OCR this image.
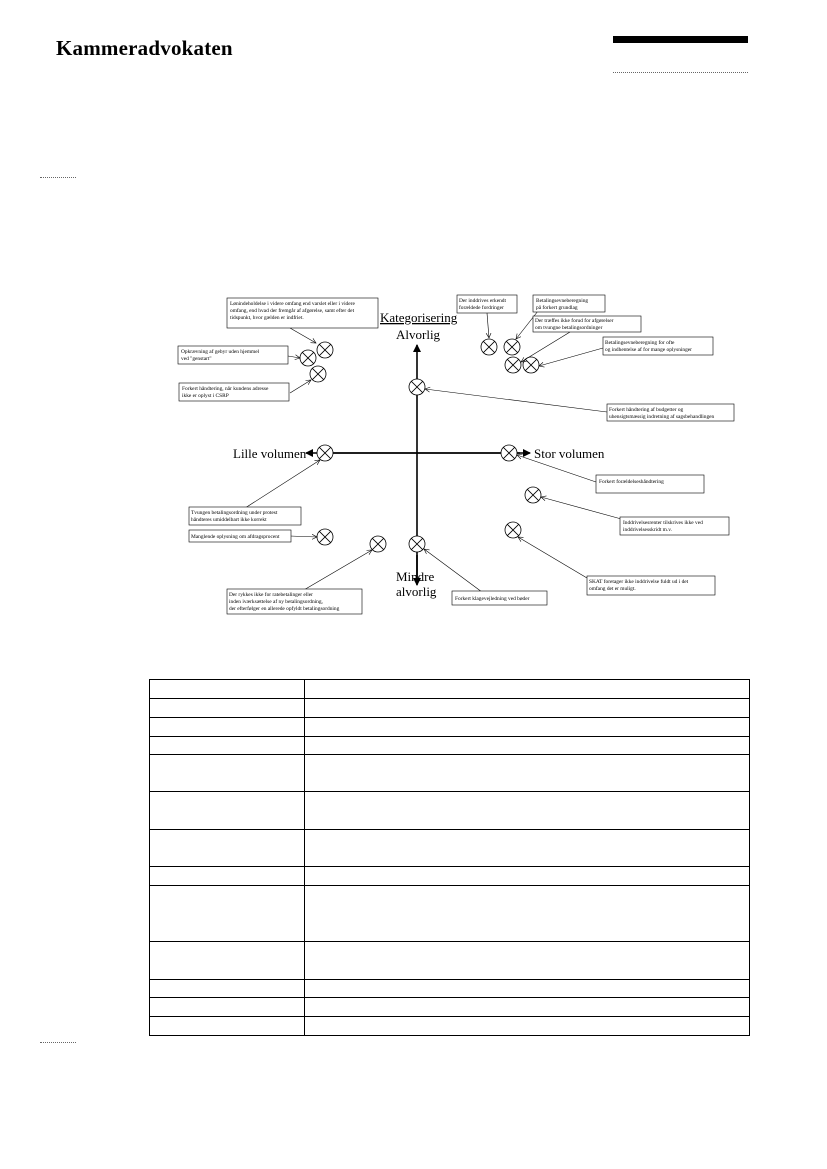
Kammeradvokaten
Kategorisering
Alvorlig
Mindre
alvorlig
Lille volumen	Stor volumen
Lønindeholdelse i videre omfang end varslet eller i videre omfang, end hvad der fremgår af afgørelse, samt efter det tidspunkt, hvor gælden er indfriet.
Opkrævning af gebyr uden hjemmel ved "genstart"
Forkert håndtering, når kundens adresse ikke er oplyst i CSRP
Der inddrives erkendt forældede fordringer
Betalingsevneberegning på forkert grundlag
Der træffes ikke forud for afgørelser om tvungne betalingsordninger
Betalingsevneberegning for ofte og indhentelse af for mange oplysninger
Forkert håndtering af budgetter og uhensigtsmæssig indretning af sagsbehandlingen
Forkert forældelseshåndtering
Inddrivelsesrenter tilskrives ikke ved inddrivelsesskridt m.v.
SKAT foretager ikke inddrivelse fuldt ud i det omfang det er muligt.
Tvungen betalingsordning under protest håndteres umiddelbart ikke korrekt
Manglende oplysning om afdragsprocent
Der rykkes ikke for ratebetalinger eller inden iværksættelse af ny betalingsordning, der efterfølger en allerede opfyldt betalingsordning
Forkert klagevejledning ved bøder
